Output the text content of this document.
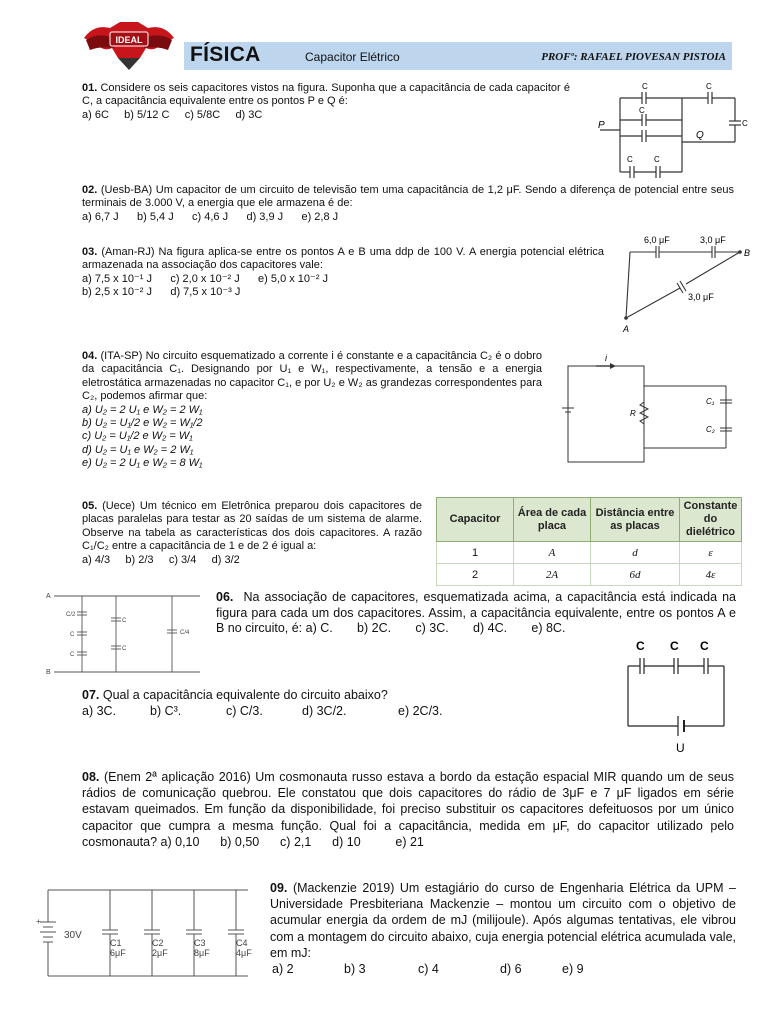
IDEAL
FÍSICA	Capacitor Elétrico	PROFº: RAFAEL PIOVESAN PISTOIA

01. Considere os seis capacitores vistos na figura. Suponha que a capacitância de cada capacitor é C, a capacitância equivalente entre os pontos P e Q é:

a) 6C     b) 5/12 C     c) 5/8C     d) 3C

P
Q
C	C
C
C
C	C

02. (Uesb-BA) Um capacitor de um circuito de televisão tem uma capacitância de 1,2 μF. Sendo a diferença de potencial entre seus terminais de 3.000 V, a energia que ele armazena é de:

a) 6,7 J      b) 5,4 J      c) 4,6 J      d) 3,9 J      e) 2,8 J

03. (Aman-RJ) Na figura aplica-se entre os pontos A e B uma ddp de 100 V. A energia potencial elétrica armazenada na associação dos capacitores vale:

a) 7,5 x 10⁻¹ J      c) 2,0 x 10⁻² J      e) 5,0 x 10⁻² J

b) 2,5 x 10⁻² J      d) 7,5 x 10⁻³ J

6,0 μF	3,0 μF
3,0 μF
B
A

04. (ITA-SP) No circuito esquematizado a corrente i é constante e a capacitância C₂ é o dobro da capacitância C₁. Designando por U₁ e W₁, respectivamente, a tensão e a energia eletrostática armazenadas no capacitor C₁, e por U₂ e W₂ as grandezas correspondentes para C₂, podemos afirmar que:

a) U₂ = 2 U₁ e W₂ = 2 W₁

b) U₂ = U₁/2 e W₂ = W₁/2

c) U₂ = U₁/2 e W₂ = W₁

d) U₂ = U₁ e W₂ = 2 W₁

e) U₂ = 2 U₁ e W₂ = 8 W₁

i
R
C₁
C₂

05. (Uece) Um técnico em Eletrônica preparou dois capacitores de placas paralelas para testar as 20 saídas de um sistema de alarme. Observe na tabela as características dos dois capacitores. A razão C₁/C₂ entre a capacitância de 1 e de 2 é igual a:

a) 4/3     b) 2/3     c) 3/4     d) 3/2

Capacitor	Área de cada placa	Distância entre as placas	Constante do dielétrico
1	A	d	ε
2	2A	6d	4ε
A
B
C/2
C
C
C
C
C/4
06. Na associação de capacitores, esquematizada acima, a capacitância está indicada na figura para cada um dos capacitores. Assim, a capacitância equivalente, entre os pontos A e B no circuito, é: a) C.       b) 2C.       c) 3C.       d) 4C.       e) 8C.

07. Qual a capacitância equivalente do circuito abaixo?

a) 3C.	b) C³.	c) C/3.	d) 3C/2.	e) 2C/3.

C C C
U
08. (Enem 2ª aplicação 2016) Um cosmonauta russo estava a bordo da estação espacial MIR quando um de seus rádios de comunicação quebrou. Ele constatou que dois capacitores do rádio de 3μF e 7 μF ligados em série estavam queimados. Em função da disponibilidade, foi preciso substituir os capacitores defeituosos por um único capacitor que cumpra a mesma função. Qual foi a capacitância, medida em μF, do capacitor utilizado pelo cosmonauta? a) 0,10      b) 0,50      c) 2,1      d) 10          e) 21
+
30V
C1
6μF
C2
2μF
C3
8μF
C4
4μF

09. (Mackenzie 2019) Um estagiário do curso de Engenharia Elétrica da UPM – Universidade Presbiteriana Mackenzie – montou um circuito com o objetivo de acumular energia da ordem de mJ (milijoule). Após algumas tentativas, ele vibrou com a montagem do circuito abaixo, cuja energia potencial elétrica acumulada vale, em mJ:

a) 2	b) 3	c) 4	d) 6	e) 9
